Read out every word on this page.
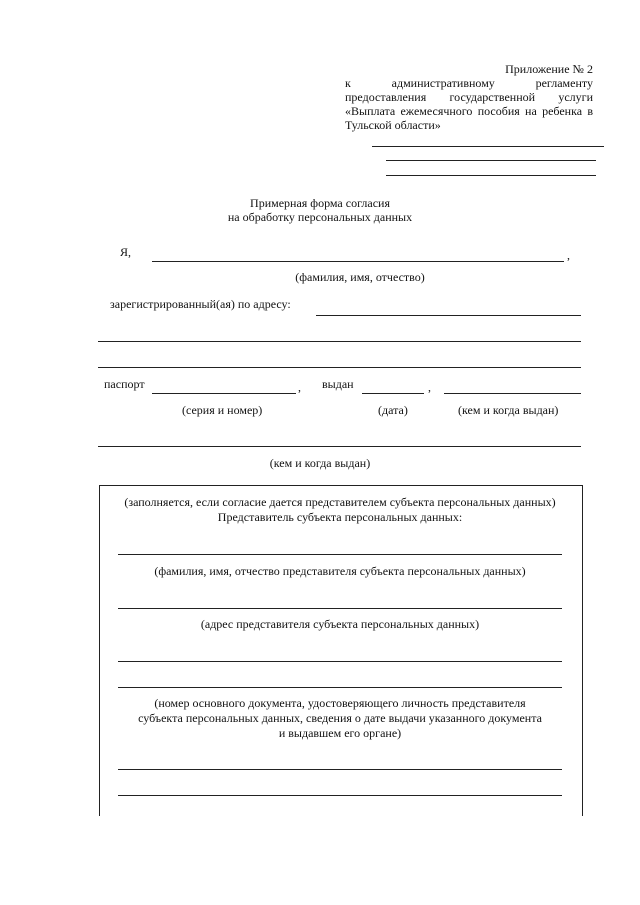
Приложение № 2
к	административному	регламенту
предоставления государственной услуги
«Выплата ежемесячного пособия на ребенка в
Тульской области»
Примерная форма согласия
на обработку персональных данных
Я,	,
(фамилия, имя, отчество)
зарегистрированный(ая) по адресу:
паспорт	, выдан	,
(серия и номер)	(дата)	(кем и когда выдан)
(кем и когда выдан)
(заполняется, если согласие дается представителем субъекта персональных данных)
Представитель субъекта персональных данных:
(фамилия, имя, отчество представителя субъекта персональных данных)
(адрес представителя субъекта персональных данных)
(номер основного документа, удостоверяющего личность представителя
субъекта персональных данных, сведения о дате выдачи указанного документа
и выдавшем его органе)
